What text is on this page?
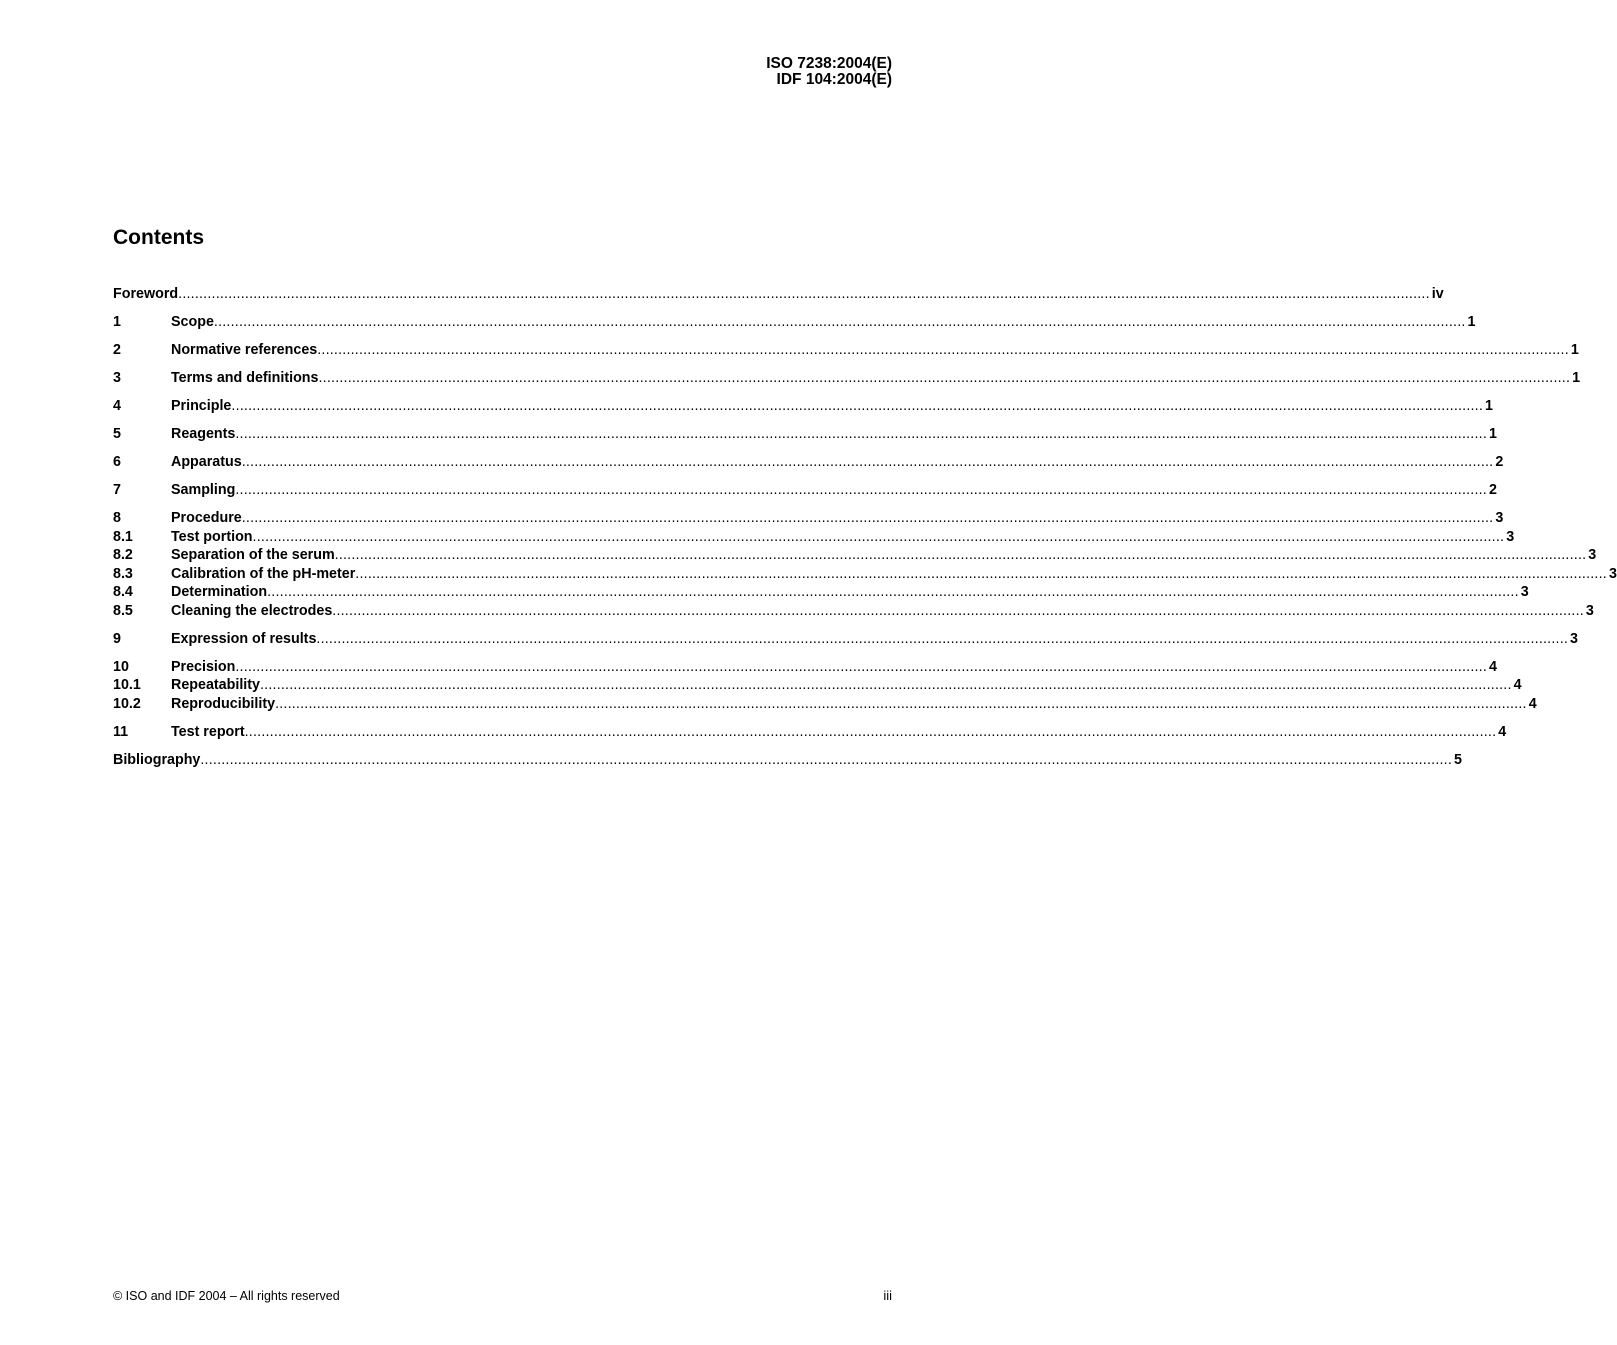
ISO 7238:2004(E)
IDF 104:2004(E)
Contents
Foreword ............................................................................................................................................................................................................................................................................................................ iv
1	Scope ............................................................................................................................................................................................................................................................................................................ 1
2	Normative references ............................................................................................................................................................................................................................................................................................................ 1
3	Terms and definitions ............................................................................................................................................................................................................................................................................................................ 1
4	Principle ............................................................................................................................................................................................................................................................................................................ 1
5	Reagents ............................................................................................................................................................................................................................................................................................................ 1
6	Apparatus ............................................................................................................................................................................................................................................................................................................ 2
7	Sampling ............................................................................................................................................................................................................................................................................................................ 2
8	Procedure ............................................................................................................................................................................................................................................................................................................ 3
8.1	Test portion ............................................................................................................................................................................................................................................................................................................ 3
8.2	Separation of the serum ............................................................................................................................................................................................................................................................................................................ 3
8.3	Calibration of the pH-meter ............................................................................................................................................................................................................................................................................................................ 3
8.4	Determination ............................................................................................................................................................................................................................................................................................................ 3
8.5	Cleaning the electrodes ............................................................................................................................................................................................................................................................................................................ 3
9	Expression of results ............................................................................................................................................................................................................................................................................................................ 3
10	Precision ............................................................................................................................................................................................................................................................................................................ 4
10.1	Repeatability ............................................................................................................................................................................................................................................................................................................ 4
10.2	Reproducibility ............................................................................................................................................................................................................................................................................................................ 4
11	Test report ............................................................................................................................................................................................................................................................................................................ 4
Bibliography ............................................................................................................................................................................................................................................................................................................ 5
© ISO and IDF 2004 – All rights reserved	iii
